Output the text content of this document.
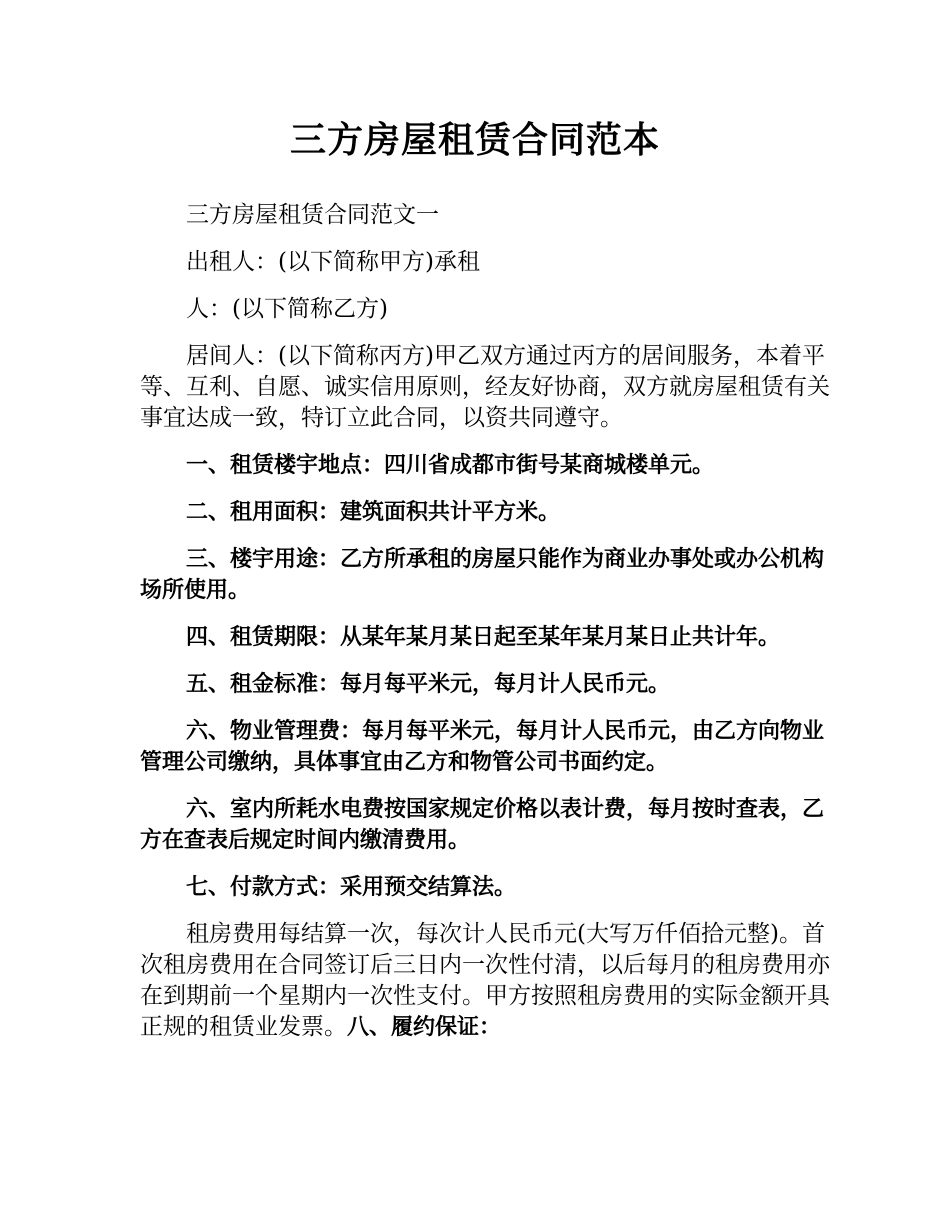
三方房屋租赁合同范本

三方房屋租赁合同范文一

出租人：(以下简称甲方)承租

人：(以下简称乙方)

居间人：(以下简称丙方)甲乙双方通过丙方的居间服务，本着平等、互利、自愿、诚实信用原则，经友好协商，双方就房屋租赁有关事宜达成一致，特订立此合同，以资共同遵守。

一、租赁楼宇地点：四川省成都市街号某商城楼单元。

二、租用面积：建筑面积共计平方米。

三、楼宇用途：乙方所承租的房屋只能作为商业办事处或办公机构场所使用。

四、租赁期限：从某年某月某日起至某年某月某日止共计年。

五、租金标准：每月每平米元，每月计人民币元。

六、物业管理费：每月每平米元，每月计人民币元，由乙方向物业管理公司缴纳，具体事宜由乙方和物管公司书面约定。

六、室内所耗水电费按国家规定价格以表计费，每月按时查表，乙方在查表后规定时间内缴清费用。

七、付款方式：采用预交结算法。

租房费用每结算一次，每次计人民币元(大写万仟佰拾元整)。首次租房费用在合同签订后三日内一次性付清，以后每月的租房费用亦在到期前一个星期内一次性支付。甲方按照租房费用的实际金额开具正规的租赁业发票。八、履约保证：
